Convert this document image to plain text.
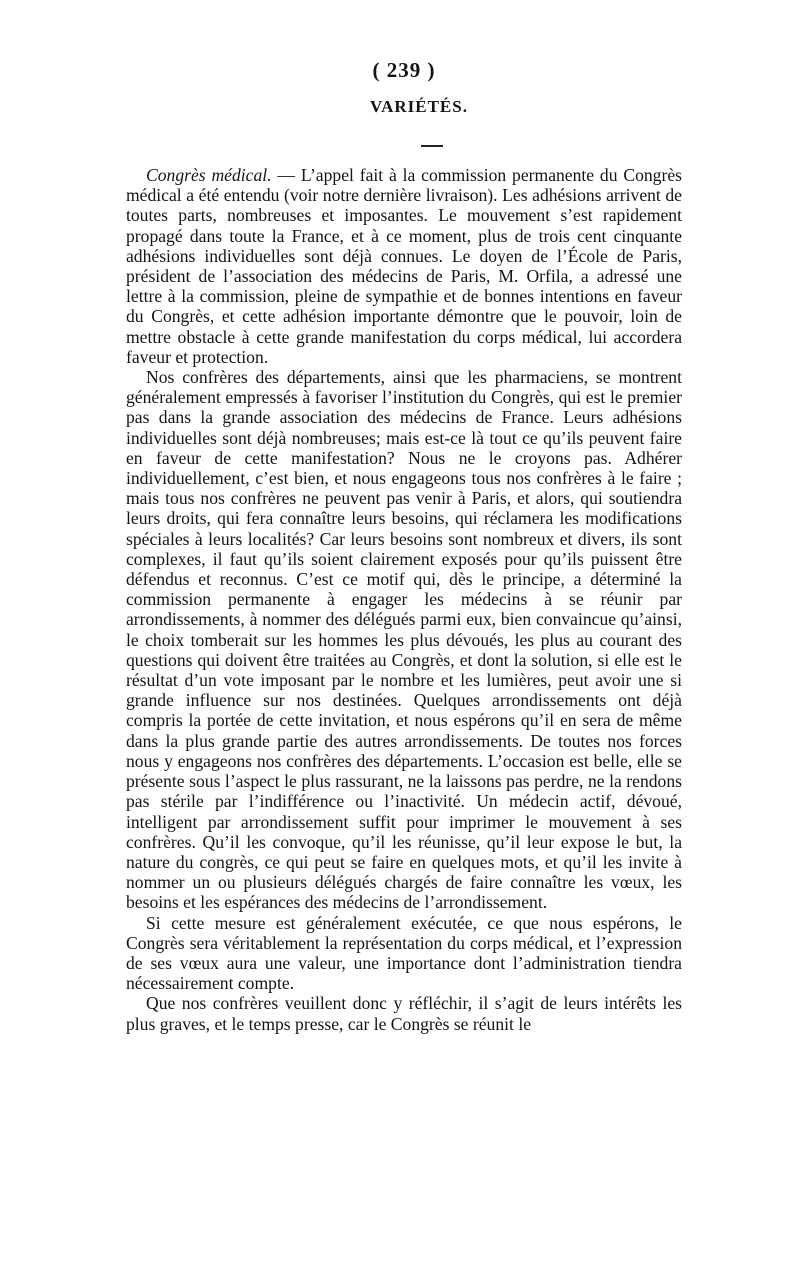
( 239 )
VARIÉTÉS.

Congrès médical. — L’appel fait à la commission permanente du Congrès médical a été entendu (voir notre dernière livraison). Les adhésions arrivent de toutes parts, nombreuses et imposantes. Le mouvement s’est rapidement propagé dans toute la France, et à ce moment, plus de trois cent cinquante adhésions individuelles sont déjà connues. Le doyen de l’École de Paris, président de l’association des médecins de Paris, M. Orfila, a adressé une lettre à la commission, pleine de sympathie et de bonnes intentions en faveur du Congrès, et cette adhésion importante démontre que le pouvoir, loin de mettre obstacle à cette grande manifestation du corps médical, lui accordera faveur et protection.

Nos confrères des départements, ainsi que les pharmaciens, se montrent généralement empressés à favoriser l’institution du Congrès, qui est le premier pas dans la grande association des médecins de France. Leurs adhésions individuelles sont déjà nombreuses; mais est-ce là tout ce qu’ils peuvent faire en faveur de cette manifestation? Nous ne le croyons pas. Adhérer individuellement, c’est bien, et nous engageons tous nos confrères à le faire ; mais tous nos confrères ne peuvent pas venir à Paris, et alors, qui soutiendra leurs droits, qui fera connaître leurs besoins, qui réclamera les modifications spéciales à leurs localités? Car leurs besoins sont nombreux et divers, ils sont complexes, il faut qu’ils soient clairement exposés pour qu’ils puissent être défendus et reconnus. C’est ce motif qui, dès le principe, a déterminé la commission permanente à engager les médecins à se réunir par arrondissements, à nommer des délégués parmi eux, bien convaincue qu’ainsi, le choix tomberait sur les hommes les plus dévoués, les plus au courant des questions qui doivent être traitées au Congrès, et dont la solution, si elle est le résultat d’un vote imposant par le nombre et les lumières, peut avoir une si grande influence sur nos destinées. Quelques arrondissements ont déjà compris la portée de cette invitation, et nous espérons qu’il en sera de même dans la plus grande partie des autres arrondissements. De toutes nos forces nous y engageons nos confrères des départements. L’occasion est belle, elle se présente sous l’aspect le plus rassurant, ne la laissons pas perdre, ne la rendons pas stérile par l’indifférence ou l’inactivité. Un médecin actif, dévoué, intelligent par arrondissement suffit pour imprimer le mouvement à ses confrères. Qu’il les convoque, qu’il les réunisse, qu’il leur expose le but, la nature du congrès, ce qui peut se faire en quelques mots, et qu’il les invite à nommer un ou plusieurs délégués chargés de faire connaître les vœux, les besoins et les espérances des médecins de l’arrondissement.

Si cette mesure est généralement exécutée, ce que nous espérons, le Congrès sera véritablement la représentation du corps médical, et l’expression de ses vœux aura une valeur, une importance dont l’administration tiendra nécessairement compte.

Que nos confrères veuillent donc y réfléchir, il s’agit de leurs intérêts les plus graves, et le temps presse, car le Congrès se réunit le
